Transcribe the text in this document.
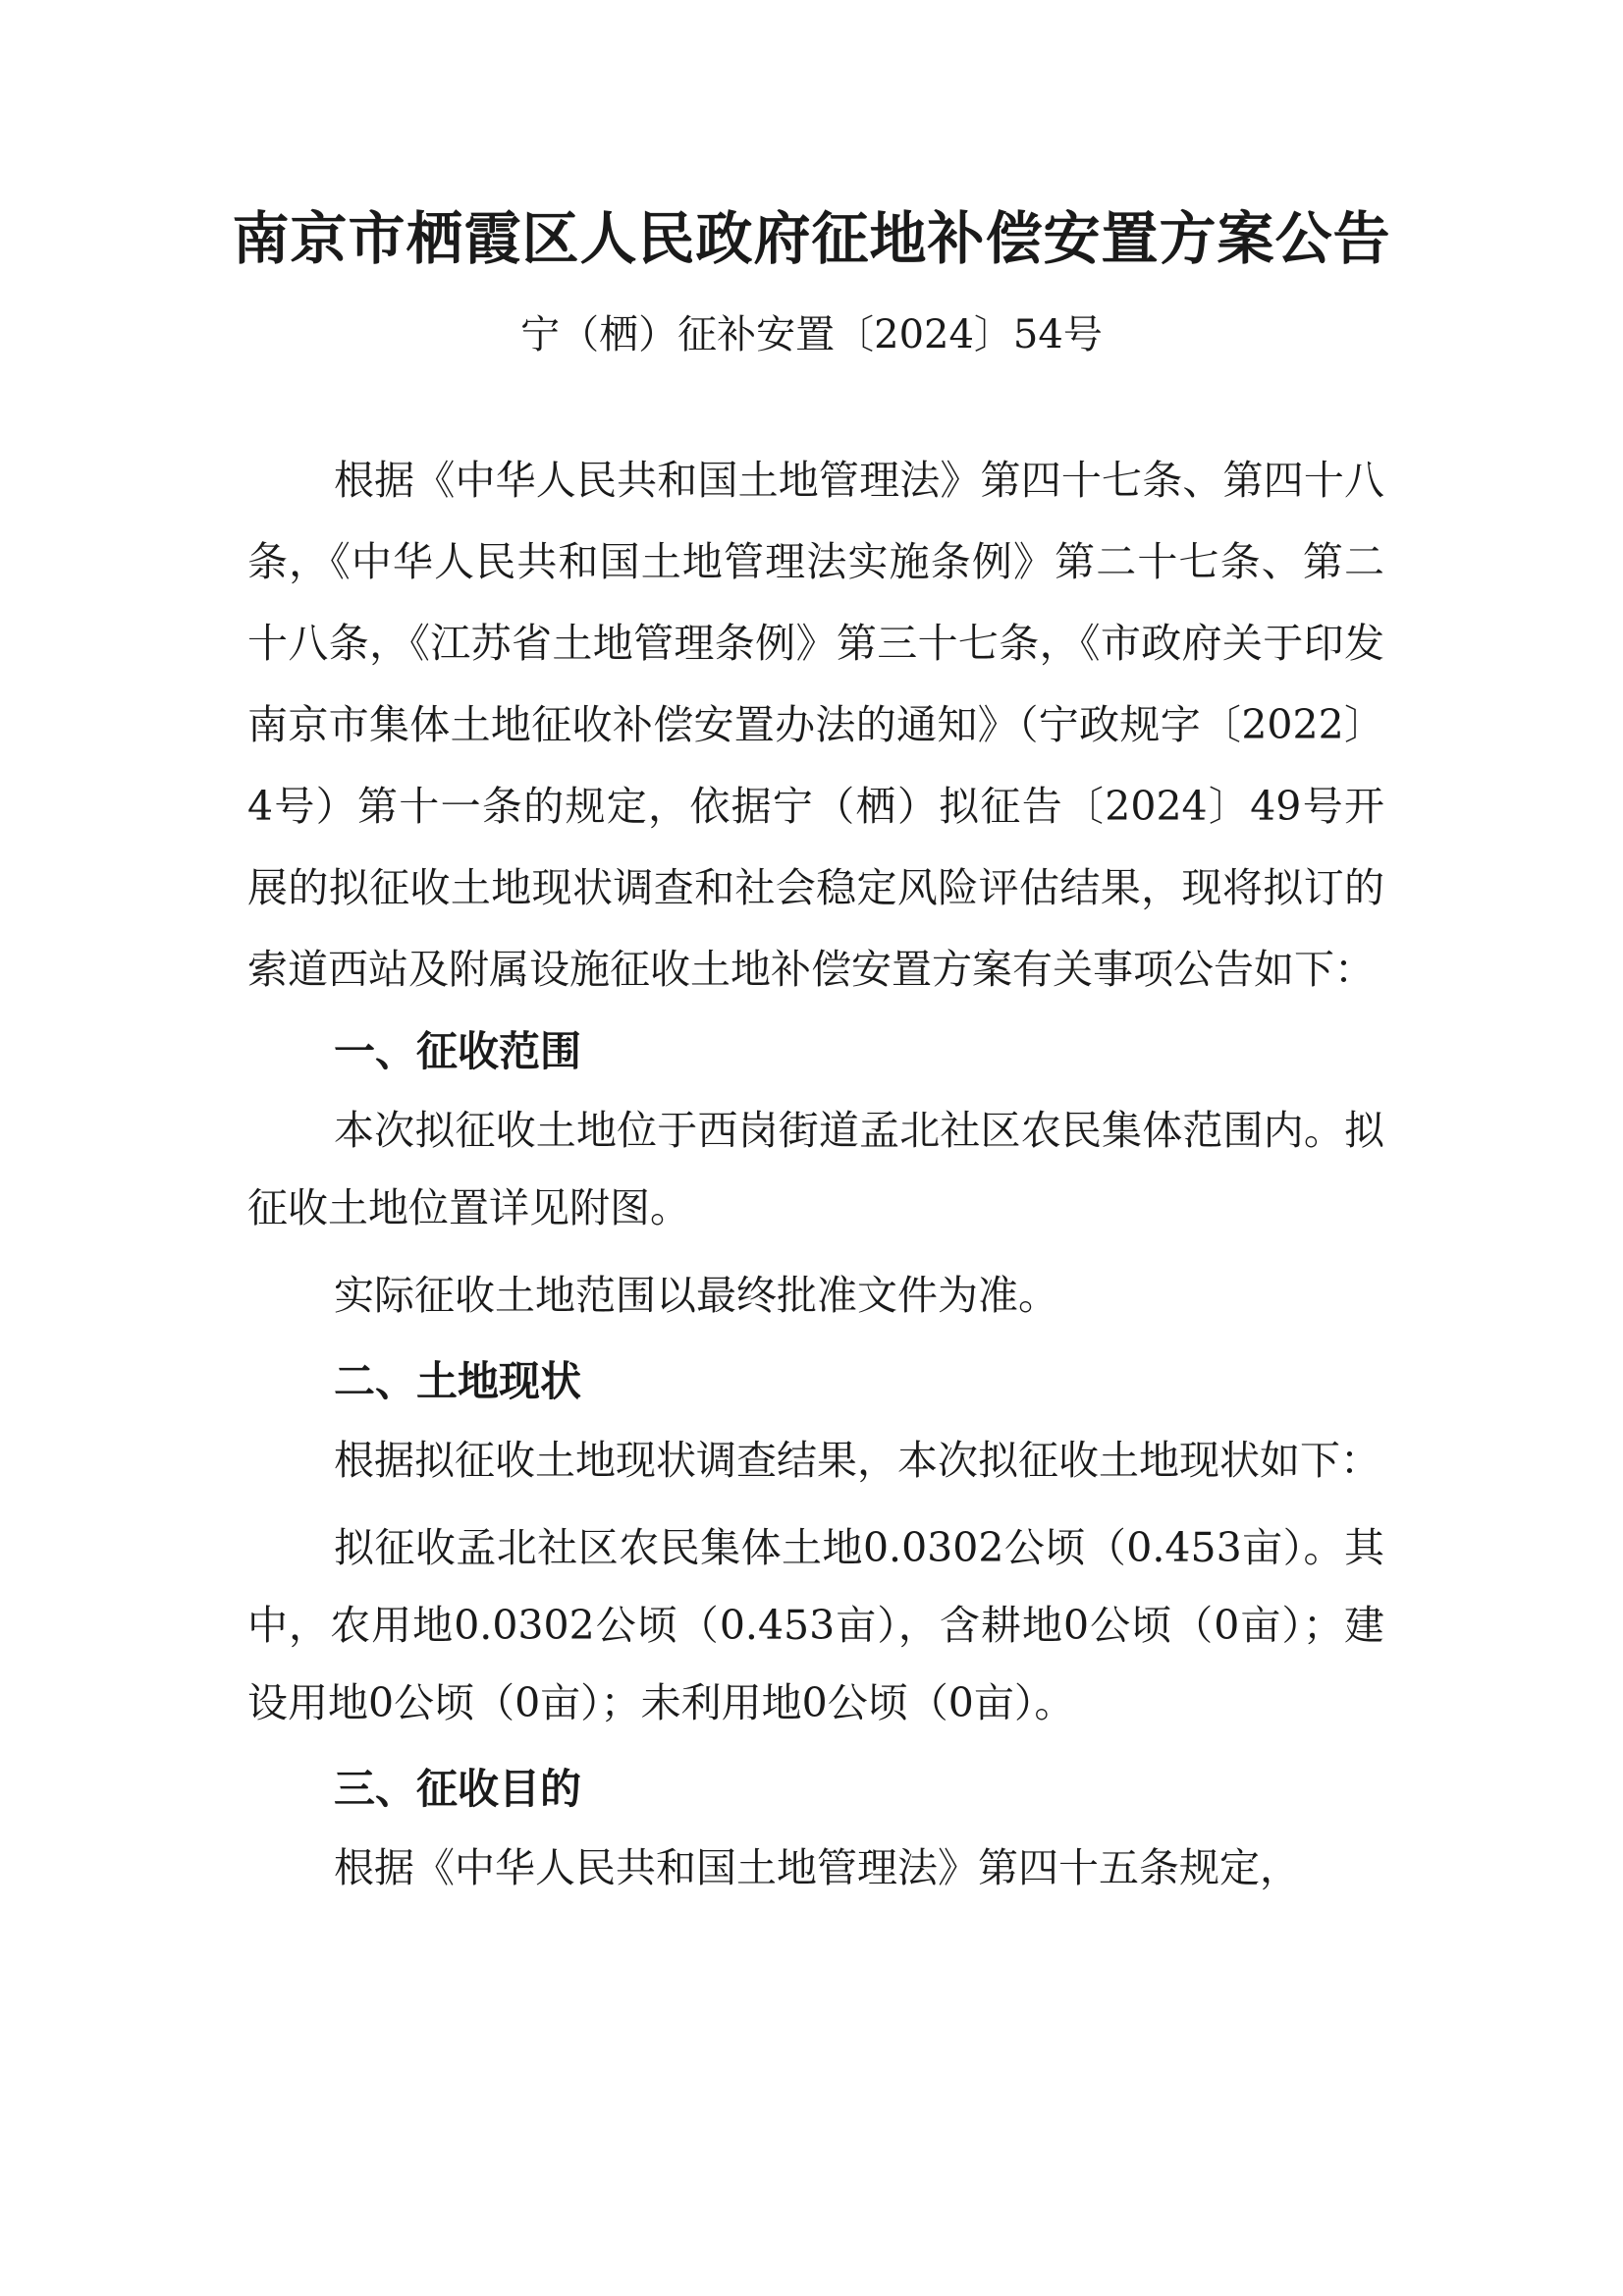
南京市栖霞区人民政府征地补偿安置方案公告
宁（栖）征补安置〔2024〕54号

根据《中华人民共和国土地管理法》第四十七条、第四十八条，《中华人民共和国土地管理法实施条例》第二十七条、第二十八条，《江苏省土地管理条例》第三十七条，《市政府关于印发南京市集体土地征收补偿安置办法的通知》（宁政规字〔2022〕4号）第十一条的规定，依据宁（栖）拟征告〔2024〕49号开展的拟征收土地现状调查和社会稳定风险评估结果，现将拟订的索道西站及附属设施征收土地补偿安置方案有关事项公告如下：

一、征收范围

本次拟征收土地位于西岗街道孟北社区农民集体范围内。拟征收土地位置详见附图。

实际征收土地范围以最终批准文件为准。

二、土地现状

根据拟征收土地现状调查结果，本次拟征收土地现状如下：

拟征收孟北社区农民集体土地0.0302公顷（0.453亩）。其中，农用地0.0302公顷（0.453亩），含耕地0公顷（0亩）；建设用地0公顷（0亩）；未利用地0公顷（0亩）。

三、征收目的

根据《中华人民共和国土地管理法》第四十五条规定，
